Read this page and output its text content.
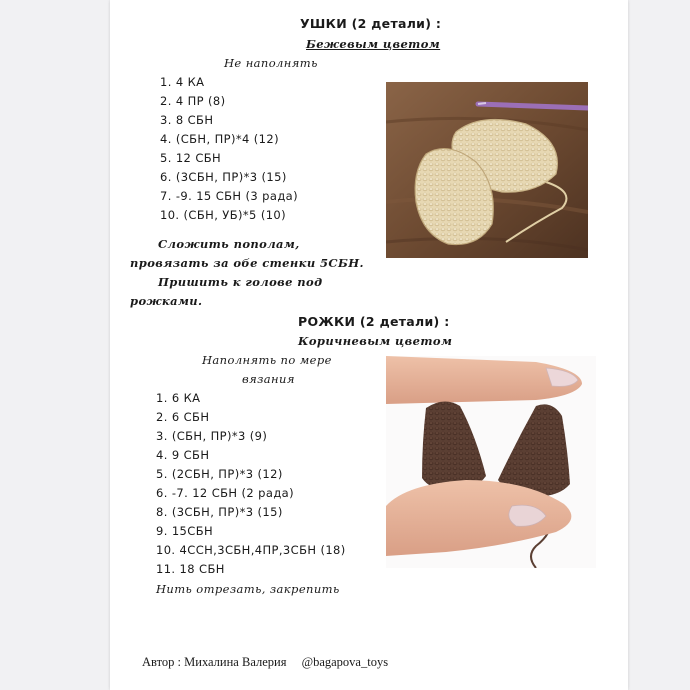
УШКИ (2 детали) :
Бежевым цветом
Не наполнять
1. 4 КА
2. 4 ПР (8)
3. 8 СБН
4. (СБН, ПР)*4 (12)
5. 12 СБН
6. (3СБН, ПР)*3 (15)
7. -9. 15 СБН (3 рада)
10. (СБН, УБ)*5 (10)
Сложить пополам,
провязать за обе стенки 5СБН.
Пришить к голове под
рожками.
РОЖКИ (2 детали) :
Коричневым цветом
Наполнять по мере
вязания
1. 6 КА
2. 6 СБН
3. (СБН, ПР)*3 (9)
4. 9 СБН
5. (2СБН, ПР)*3 (12)
6. -7. 12 СБН (2 рада)
8. (3СБН, ПР)*3 (15)
9. 15СБН
10. 4ССН,3СБН,4ПР,3СБН (18)
11. 18 СБН
Нить отрезать, закрепить
Автор : Михалина Валерия @bagapova_toys
